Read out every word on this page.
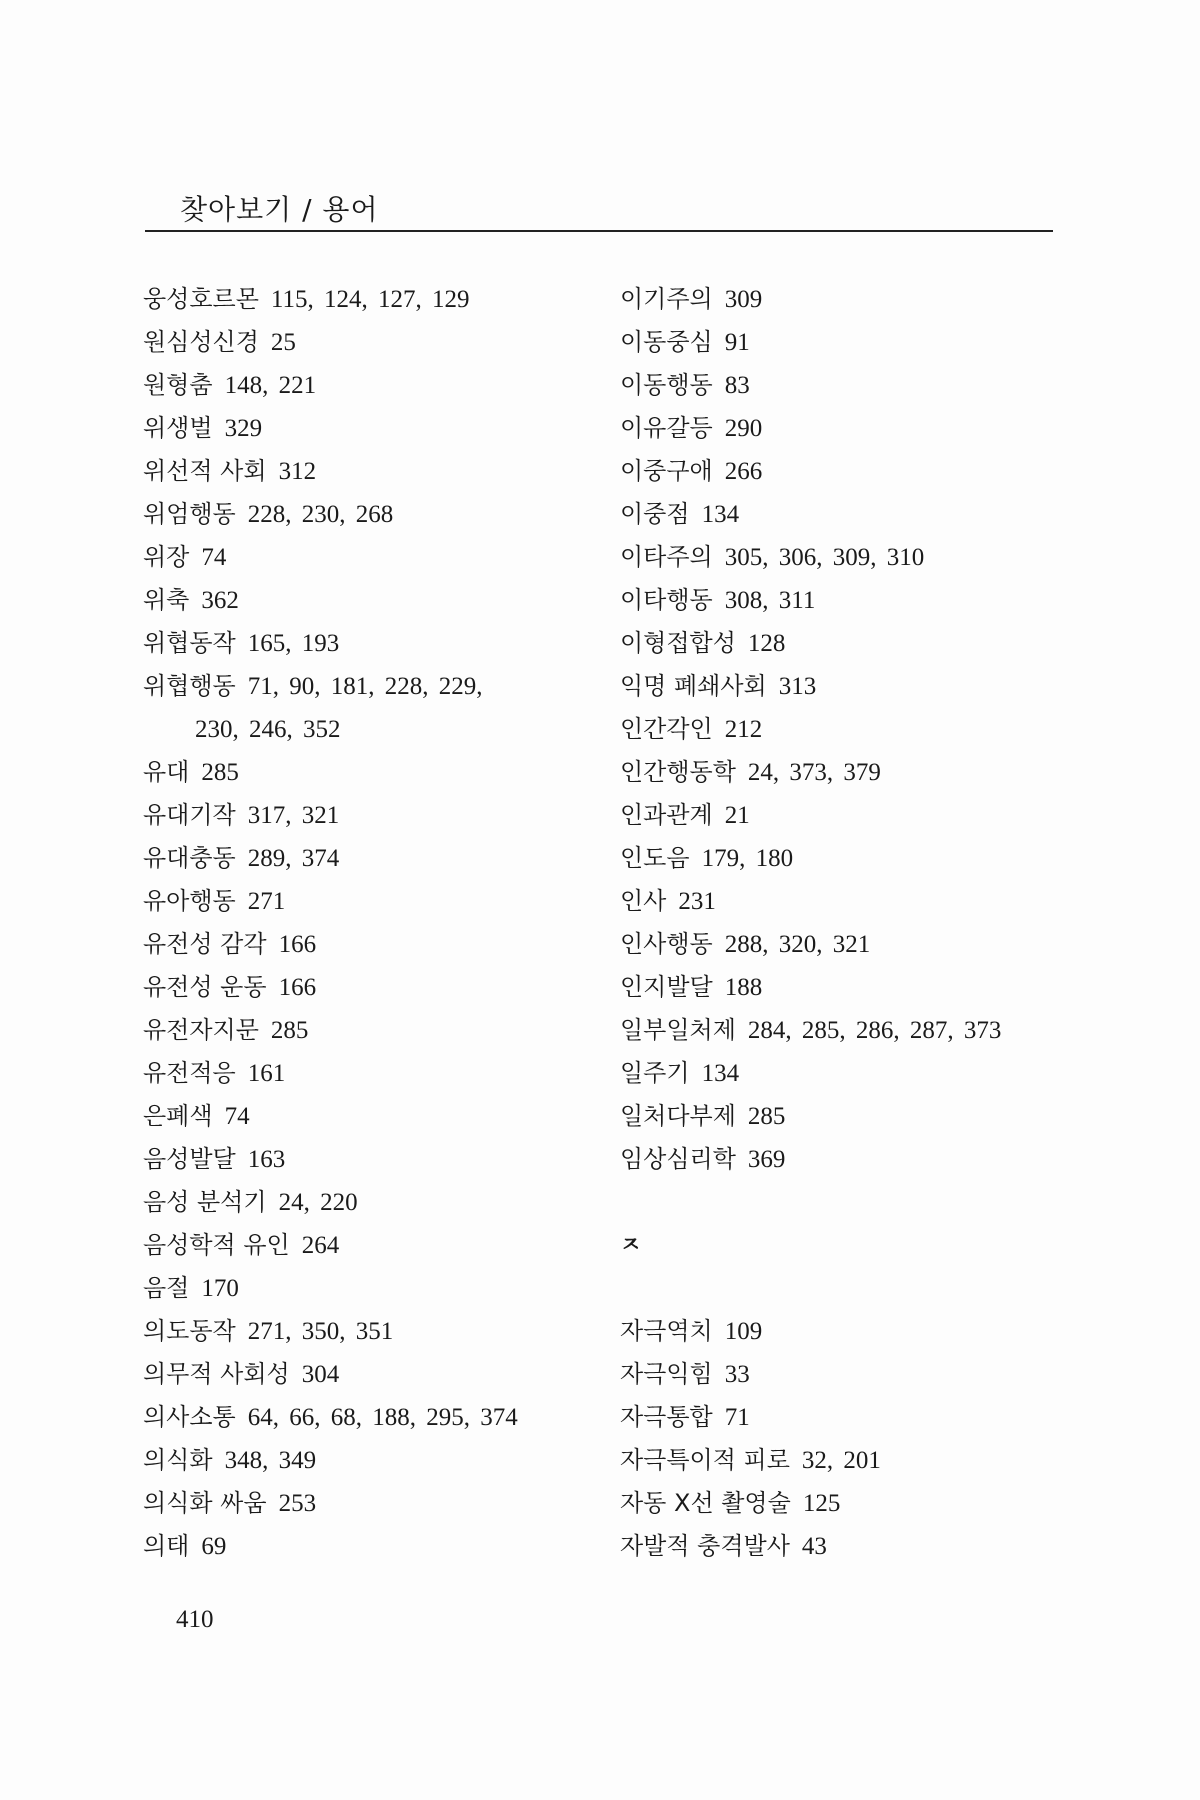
찾아보기 / 용어
웅성호르몬 115, 124, 127, 129
원심성신경 25
원형춤 148, 221
위생벌 329
위선적 사회 312
위엄행동 228, 230, 268
위장 74
위축 362
위협동작 165, 193
위협행동 71, 90, 181, 228, 229,
230, 246, 352
유대 285
유대기작 317, 321
유대충동 289, 374
유아행동 271
유전성 감각 166
유전성 운동 166
유전자지문 285
유전적응 161
은폐색 74
음성발달 163
음성 분석기 24, 220
음성학적 유인 264
음절 170
의도동작 271, 350, 351
의무적 사회성 304
의사소통 64, 66, 68, 188, 295, 374
의식화 348, 349
의식화 싸움 253
의태 69
이기주의 309
이동중심 91
이동행동 83
이유갈등 290
이중구애 266
이중점 134
이타주의 305, 306, 309, 310
이타행동 308, 311
이형접합성 128
익명 폐쇄사회 313
인간각인 212
인간행동학 24, 373, 379
인과관계 21
인도음 179, 180
인사 231
인사행동 288, 320, 321
인지발달 188
일부일처제 284, 285, 286, 287, 373
일주기 134
일처다부제 285
임상심리학 369
ㅈ
자극역치 109
자극익힘 33
자극통합 71
자극특이적 피로 32, 201
자동 X선 촬영술 125
자발적 충격발사 43
410
